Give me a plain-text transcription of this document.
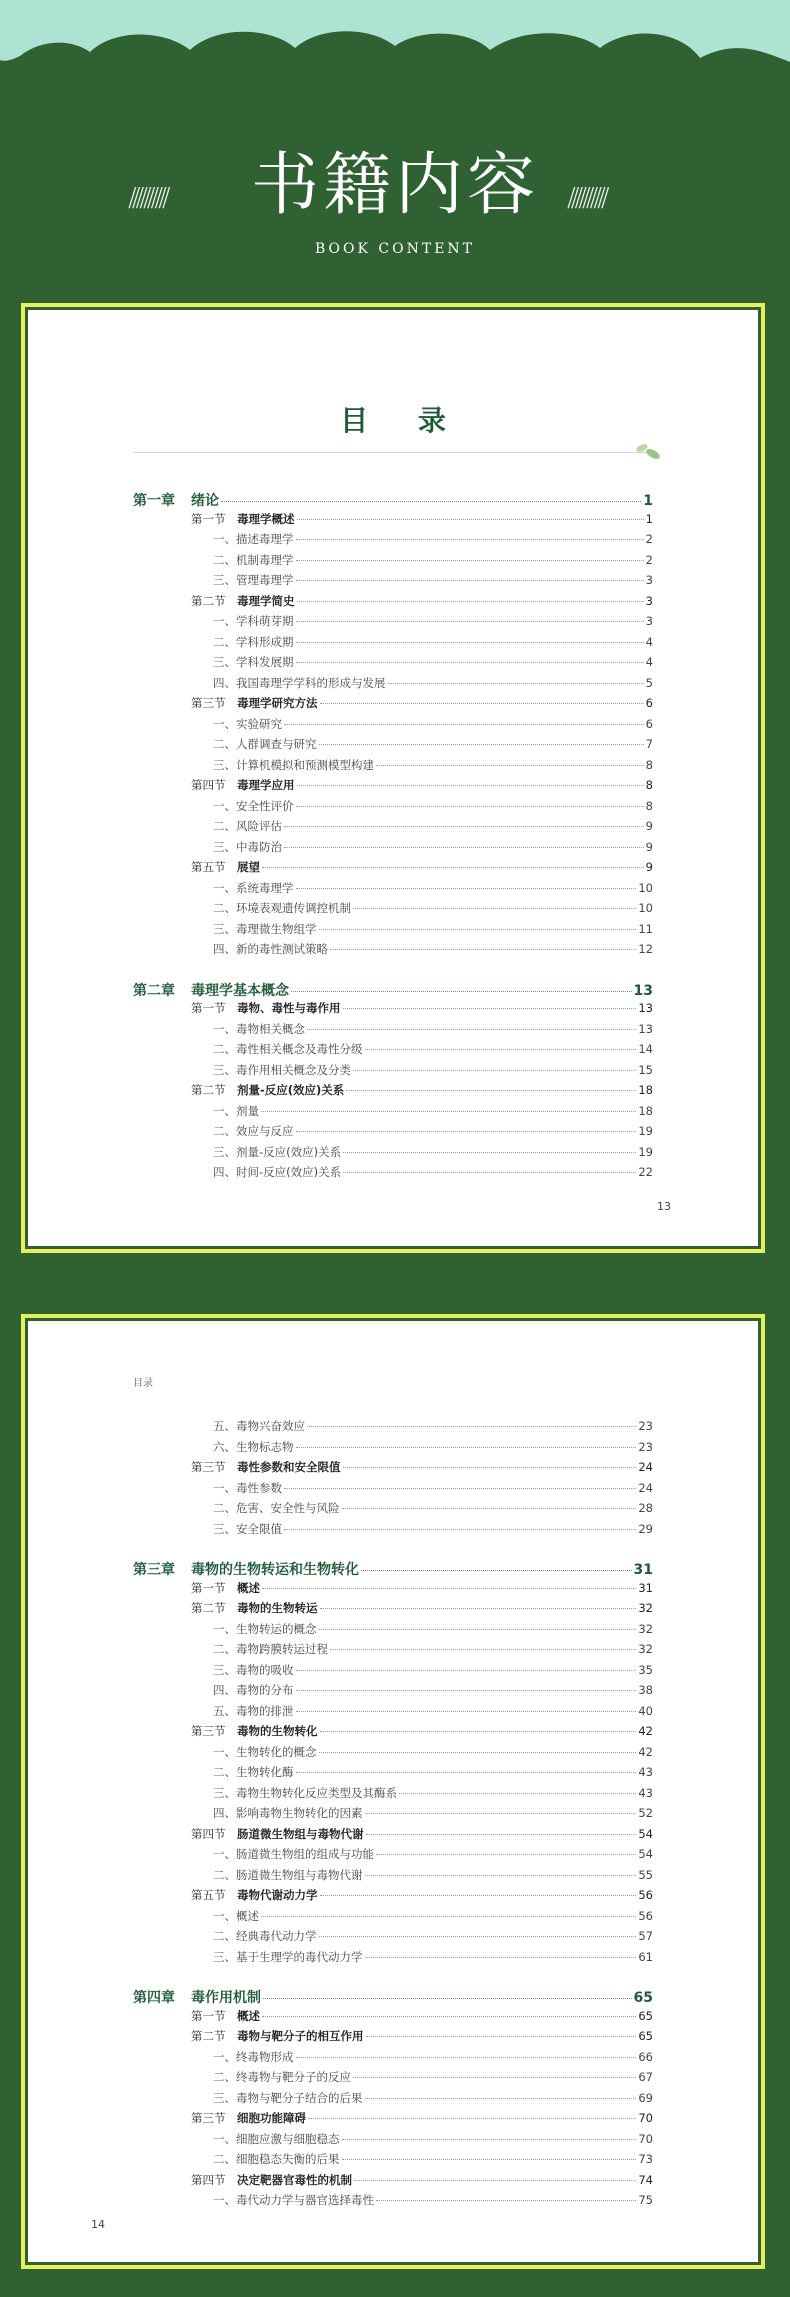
//////////	书籍内容	//////////
BOOK CONTENT
目 录
第一章 绪论	1
第一节 毒理学概述	1
一、描述毒理学	2
二、机制毒理学	2
三、管理毒理学	3
第二节 毒理学简史	3
一、学科萌芽期	3
二、学科形成期	4
三、学科发展期	4
四、我国毒理学学科的形成与发展	5
第三节 毒理学研究方法	6
一、实验研究	6
二、人群调查与研究	7
三、计算机模拟和预测模型构建	8
第四节 毒理学应用	8
一、安全性评价	8
二、风险评估	9
三、中毒防治	9
第五节 展望	9
一、系统毒理学	10
二、环境表观遗传调控机制	10
三、毒理微生物组学	11
四、新的毒性测试策略	12
第二章 毒理学基本概念	13
第一节 毒物、毒性与毒作用	13
一、毒物相关概念	13
二、毒性相关概念及毒性分级	14
三、毒作用相关概念及分类	15
第二节 剂量-反应(效应)关系	18
一、剂量	18
二、效应与反应	19
三、剂量-反应(效应)关系	19
四、时间-反应(效应)关系	22
13
目录
五、毒物兴奋效应	23
六、生物标志物	23
第三节 毒性参数和安全限值	24
一、毒性参数	24
二、危害、安全性与风险	28
三、安全限值	29
第三章 毒物的生物转运和生物转化	31
第一节 概述	31
第二节 毒物的生物转运	32
一、生物转运的概念	32
二、毒物跨膜转运过程	32
三、毒物的吸收	35
四、毒物的分布	38
五、毒物的排泄	40
第三节 毒物的生物转化	42
一、生物转化的概念	42
二、生物转化酶	43
三、毒物生物转化反应类型及其酶系	43
四、影响毒物生物转化的因素	52
第四节 肠道微生物组与毒物代谢	54
一、肠道微生物组的组成与功能	54
二、肠道微生物组与毒物代谢	55
第五节 毒物代谢动力学	56
一、概述	56
二、经典毒代动力学	57
三、基于生理学的毒代动力学	61
第四章 毒作用机制	65
第一节 概述	65
第二节 毒物与靶分子的相互作用	65
一、终毒物形成	66
二、终毒物与靶分子的反应	67
三、毒物与靶分子结合的后果	69
第三节 细胞功能障碍	70
一、细胞应激与细胞稳态	70
二、细胞稳态失衡的后果	73
第四节 决定靶器官毒性的机制	74
一、毒代动力学与器官选择毒性	75
14
